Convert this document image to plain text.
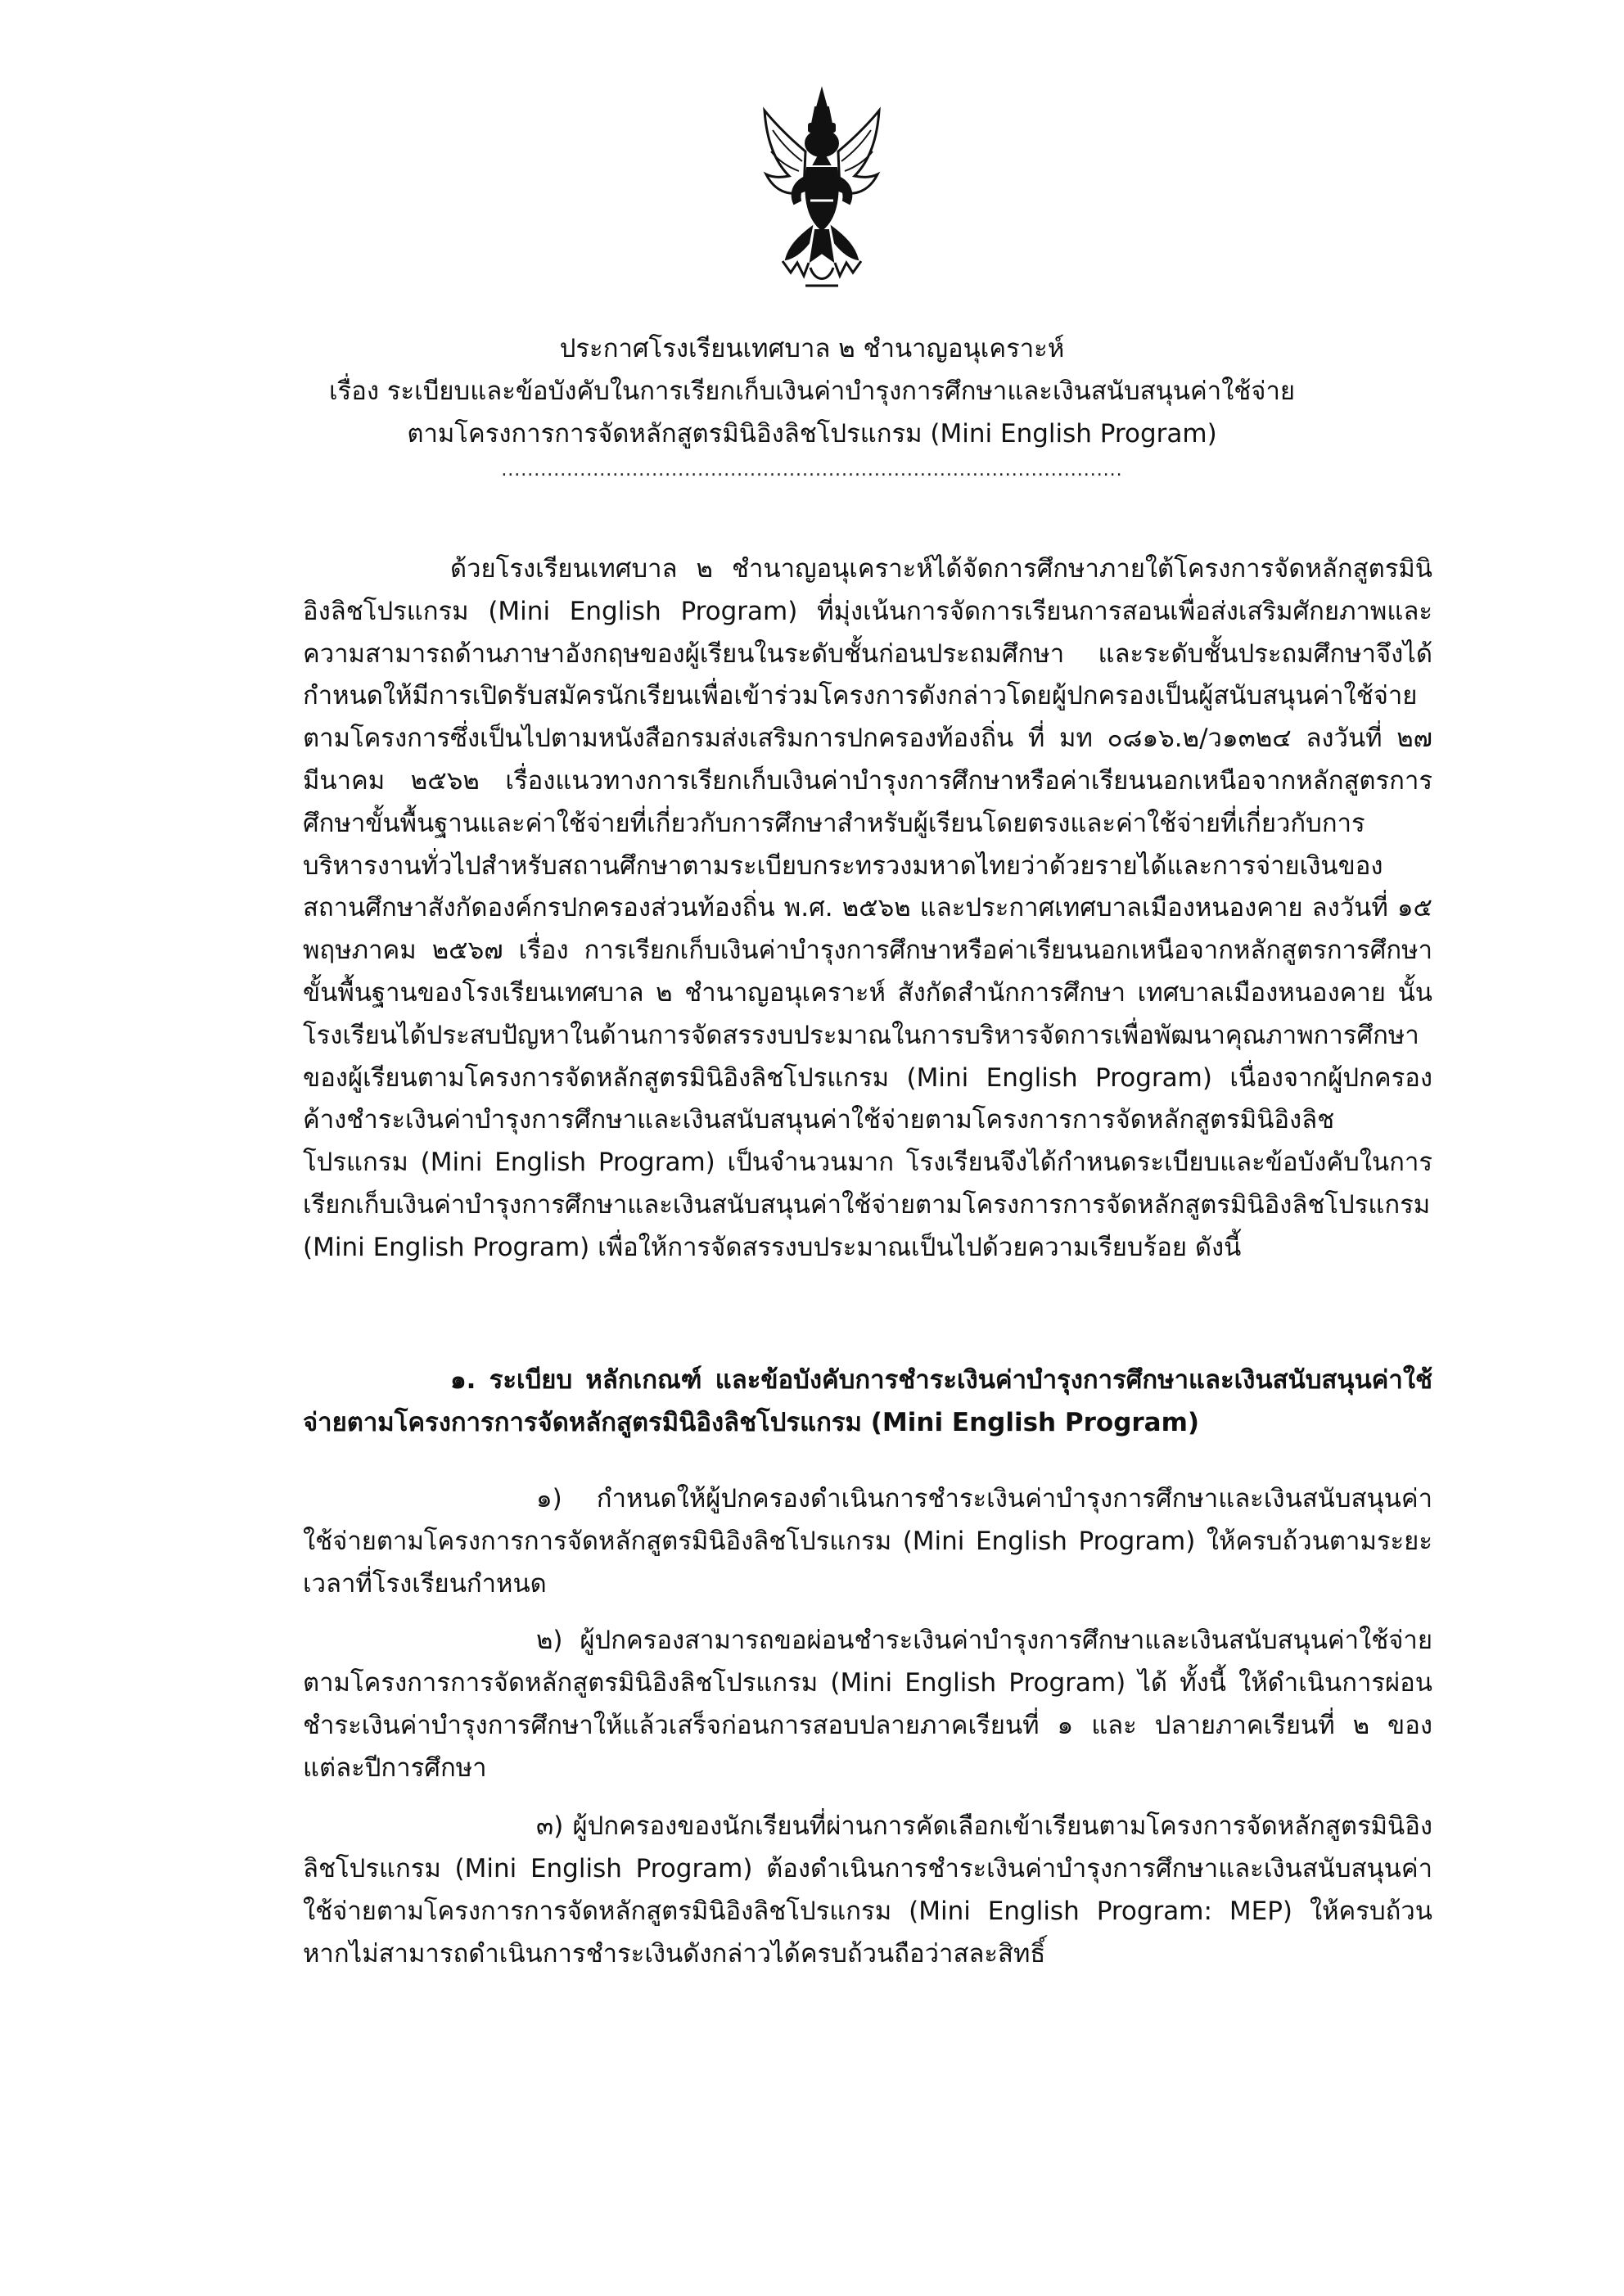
ประกาศโรงเรียนเทศบาล ๒ ชำนาญอนุเคราะห์
เรื่อง ระเบียบและข้อบังคับในการเรียกเก็บเงินค่าบำรุงการศึกษาและเงินสนับสนุนค่าใช้จ่าย
ตามโครงการการจัดหลักสูตรมินิอิงลิชโปรแกรม (Mini English Program)
...............................................................................................

ด้วยโรงเรียนเทศบาล ๒ ชำนาญอนุเคราะห์ได้จัดการศึกษาภายใต้โครงการจัดหลักสูตรมินิอิงลิชโปรแกรม (Mini English Program) ที่มุ่งเน้นการจัดการเรียนการสอนเพื่อส่งเสริมศักยภาพและความสามารถด้านภาษาอังกฤษของผู้เรียนในระดับชั้นก่อนประถมศึกษา และระดับชั้นประถมศึกษาจึงได้กำหนดให้มีการเปิดรับสมัครนักเรียนเพื่อเข้าร่วมโครงการดังกล่าวโดยผู้ปกครองเป็นผู้สนับสนุนค่าใช้จ่ายตามโครงการซึ่งเป็นไปตามหนังสือกรมส่งเสริมการปกครองท้องถิ่น ที่ มท ๐๘๑๖.๒/ว๑๓๒๔ ลงวันที่ ๒๗ มีนาคม ๒๕๖๒ เรื่องแนวทางการเรียกเก็บเงินค่าบำรุงการศึกษาหรือค่าเรียนนอกเหนือจากหลักสูตรการศึกษาขั้นพื้นฐานและค่าใช้จ่ายที่เกี่ยวกับการศึกษาสำหรับผู้เรียนโดยตรงและค่าใช้จ่ายที่เกี่ยวกับการบริหารงานทั่วไปสำหรับสถานศึกษาตามระเบียบกระทรวงมหาดไทยว่าด้วยรายได้และการจ่ายเงินของสถานศึกษาสังกัดองค์กรปกครองส่วนท้องถิ่น พ.ศ. ๒๕๖๒ และประกาศเทศบาลเมืองหนองคาย ลงวันที่ ๑๕ พฤษภาคม ๒๕๖๗ เรื่อง การเรียกเก็บเงินค่าบำรุงการศึกษาหรือค่าเรียนนอกเหนือจากหลักสูตรการศึกษาขั้นพื้นฐานของโรงเรียนเทศบาล ๒ ชำนาญอนุเคราะห์ สังกัดสำนักการศึกษา เทศบาลเมืองหนองคาย นั้น โรงเรียนได้ประสบปัญหาในด้านการจัดสรรงบประมาณในการบริหารจัดการเพื่อพัฒนาคุณภาพการศึกษาของผู้เรียนตามโครงการจัดหลักสูตรมินิอิงลิชโปรแกรม (Mini English Program) เนื่องจากผู้ปกครองค้างชำระเงินค่าบำรุงการศึกษาและเงินสนับสนุนค่าใช้จ่ายตามโครงการการจัดหลักสูตรมินิอิงลิชโปรแกรม (Mini English Program) เป็นจำนวนมาก โรงเรียนจึงได้กำหนดระเบียบและข้อบังคับในการเรียกเก็บเงินค่าบำรุงการศึกษาและเงินสนับสนุนค่าใช้จ่ายตามโครงการการจัดหลักสูตรมินิอิงลิชโปรแกรม (Mini English Program) เพื่อให้การจัดสรรงบประมาณเป็นไปด้วยความเรียบร้อย ดังนี้

๑. ระเบียบ หลักเกณฑ์ และข้อบังคับการชำระเงินค่าบำรุงการศึกษาและเงินสนับสนุนค่าใช้จ่ายตามโครงการการจัดหลักสูตรมินิอิงลิชโปรแกรม (Mini English Program)

๑) กำหนดให้ผู้ปกครองดำเนินการชำระเงินค่าบำรุงการศึกษาและเงินสนับสนุนค่าใช้จ่ายตามโครงการการจัดหลักสูตรมินิอิงลิชโปรแกรม (Mini English Program) ให้ครบถ้วนตามระยะเวลาที่โรงเรียนกำหนด

๒) ผู้ปกครองสามารถขอผ่อนชำระเงินค่าบำรุงการศึกษาและเงินสนับสนุนค่าใช้จ่ายตามโครงการการจัดหลักสูตรมินิอิงลิชโปรแกรม (Mini English Program) ได้ ทั้งนี้ ให้ดำเนินการผ่อนชำระเงินค่าบำรุงการศึกษาให้แล้วเสร็จก่อนการสอบปลายภาคเรียนที่ ๑ และ ปลายภาคเรียนที่ ๒ ของแต่ละปีการศึกษา

๓) ผู้ปกครองของนักเรียนที่ผ่านการคัดเลือกเข้าเรียนตามโครงการจัดหลักสูตรมินิอิงลิชโปรแกรม (Mini English Program) ต้องดำเนินการชำระเงินค่าบำรุงการศึกษาและเงินสนับสนุนค่าใช้จ่ายตามโครงการการจัดหลักสูตรมินิอิงลิชโปรแกรม (Mini English Program: MEP) ให้ครบถ้วนหากไม่สามารถดำเนินการชำระเงินดังกล่าวได้ครบถ้วนถือว่าสละสิทธิ์
